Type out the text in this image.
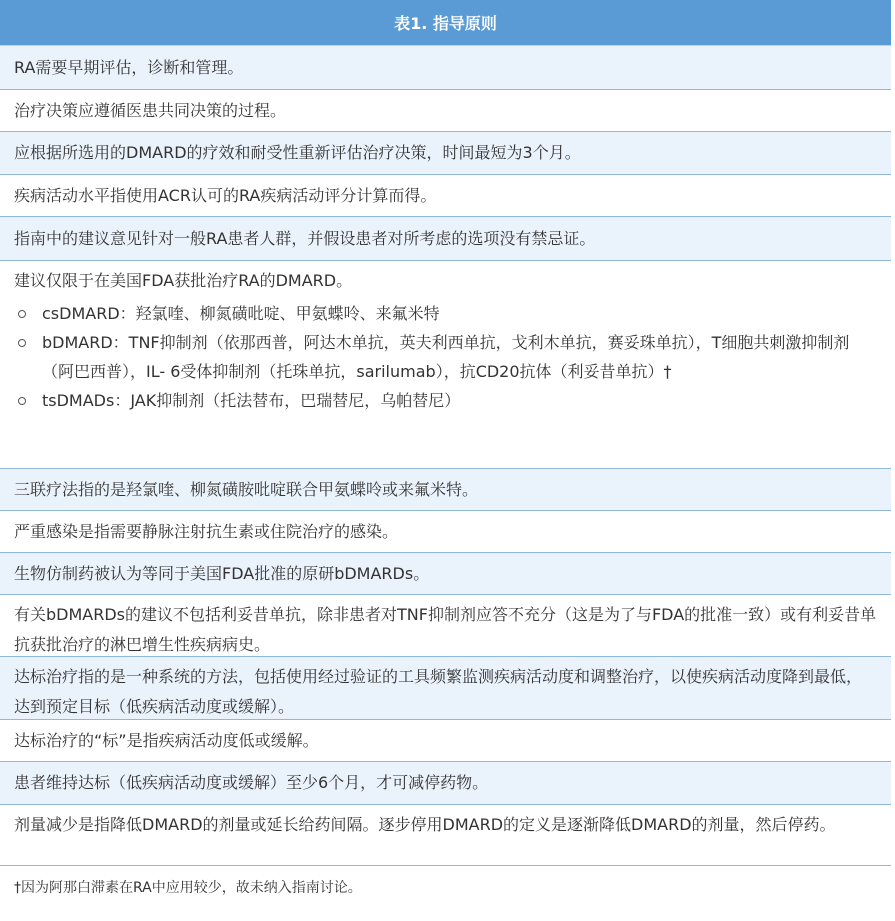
表1. 指导原则
RA需要早期评估，诊断和管理。
治疗决策应遵循医患共同决策的过程。
应根据所选用的DMARD的疗效和耐受性重新评估治疗决策，时间最短为3个月。
疾病活动水平指使用ACR认可的RA疾病活动评分计算而得。
指南中的建议意见针对一般RA患者人群，并假设患者对所考虑的选项没有禁忌证。
建议仅限于在美国FDA获批治疗RA的DMARD。
csDMARD：羟氯喹、柳氮磺吡啶、甲氨蝶呤、来氟米特
bDMARD：TNF抑制剂（依那西普，阿达木单抗，英夫利西单抗，戈利木单抗，赛妥珠单抗），T细胞共刺激抑制剂（阿巴西普），IL- 6受体抑制剂（托珠单抗，sarilumab），抗CD20抗体（利妥昔单抗）†
tsDMADs：JAK抑制剂（托法替布，巴瑞替尼，乌帕替尼）
三联疗法指的是羟氯喹、柳氮磺胺吡啶联合甲氨蝶呤或来氟米特。
严重感染是指需要静脉注射抗生素或住院治疗的感染。
生物仿制药被认为等同于美国FDA批准的原研bDMARDs。
有关bDMARDs的建议不包括利妥昔单抗，除非患者对TNF抑制剂应答不充分（这是为了与FDA的批准一致）或有利妥昔单抗获批治疗的淋巴增生性疾病病史。
达标治疗指的是一种系统的方法，包括使用经过验证的工具频繁监测疾病活动度和调整治疗，以使疾病活动度降到最低，达到预定目标（低疾病活动度或缓解）。
达标治疗的“标”是指疾病活动度低或缓解。
患者维持达标（低疾病活动度或缓解）至少6个月，才可减停药物。
剂量减少是指降低DMARD的剂量或延长给药间隔。逐步停用DMARD的定义是逐渐降低DMARD的剂量，然后停药。
†因为阿那白滞素在RA中应用较少，故未纳入指南讨论。
